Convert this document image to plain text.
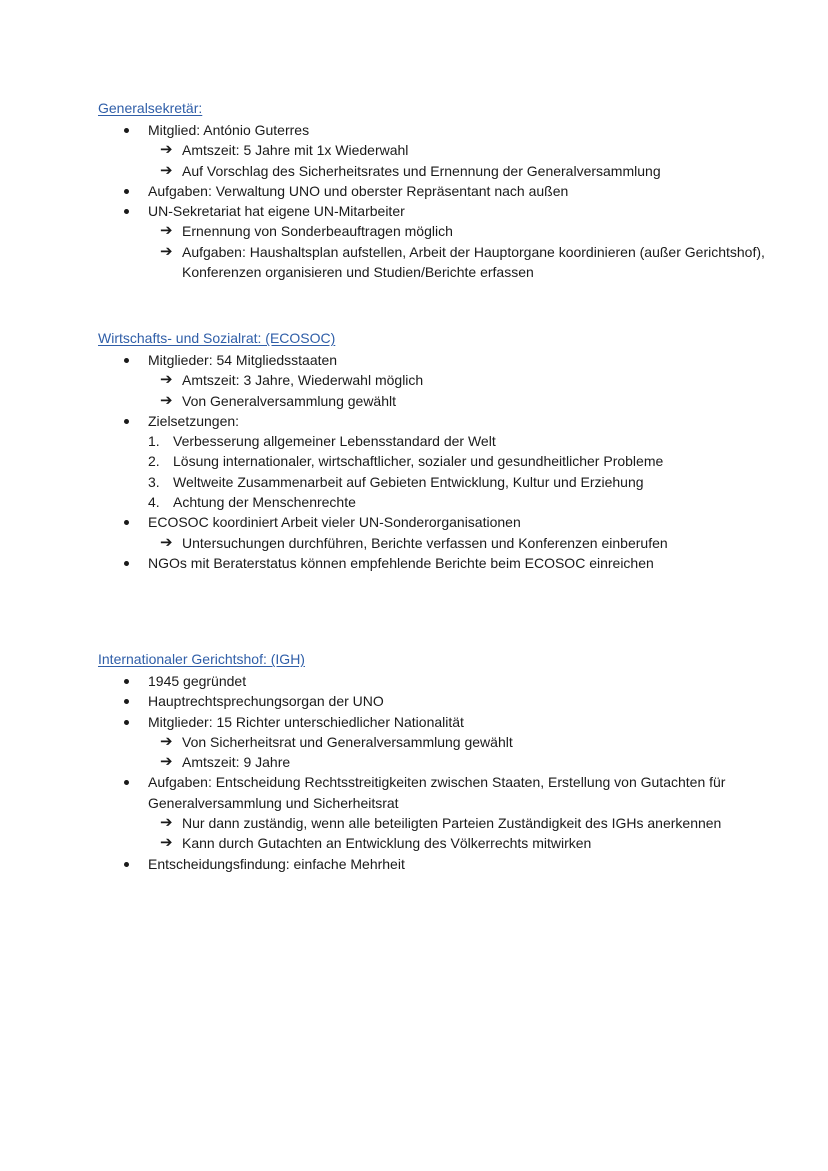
Generalsekretär:
Mitglied: António Guterres
➔ Amtszeit: 5 Jahre mit 1x Wiederwahl
➔ Auf Vorschlag des Sicherheitsrates und Ernennung der Generalversammlung
Aufgaben: Verwaltung UNO und oberster Repräsentant nach außen
UN-Sekretariat hat eigene UN-Mitarbeiter
➔ Ernennung von Sonderbeauftragen möglich
➔ Aufgaben: Haushaltsplan aufstellen, Arbeit der Hauptorgane koordinieren (außer Gerichtshof), Konferenzen organisieren und Studien/Berichte erfassen
Wirtschafts- und Sozialrat: (ECOSOC)
Mitglieder: 54 Mitgliedsstaaten
➔ Amtszeit: 3 Jahre, Wiederwahl möglich
➔ Von Generalversammlung gewählt
Zielsetzungen:
1. Verbesserung allgemeiner Lebensstandard der Welt
2. Lösung internationaler, wirtschaftlicher, sozialer und gesundheitlicher Probleme
3. Weltweite Zusammenarbeit auf Gebieten Entwicklung, Kultur und Erziehung
4. Achtung der Menschenrechte
ECOSOC koordiniert Arbeit vieler UN-Sonderorganisationen
➔ Untersuchungen durchführen, Berichte verfassen und Konferenzen einberufen
NGOs mit Beraterstatus können empfehlende Berichte beim ECOSOC einreichen
Internationaler Gerichtshof: (IGH)
1945 gegründet
Hauptrechtsprechungsorgan der UNO
Mitglieder: 15 Richter unterschiedlicher Nationalität
➔ Von Sicherheitsrat und Generalversammlung gewählt
➔ Amtszeit: 9 Jahre
Aufgaben: Entscheidung Rechtsstreitigkeiten zwischen Staaten, Erstellung von Gutachten für
Generalversammlung und Sicherheitsrat
➔ Nur dann zuständig, wenn alle beteiligten Parteien Zuständigkeit des IGHs anerkennen
➔ Kann durch Gutachten an Entwicklung des Völkerrechts mitwirken
Entscheidungsfindung: einfache Mehrheit
